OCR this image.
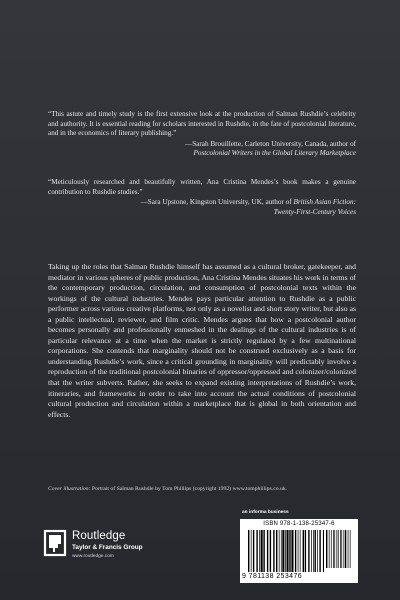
“This astute and timely study is the first extensive look at the production of Salman Rushdie’s celebrity and authority. It is essential reading for scholars interested in Rushdie, in the fate of postcolonial literature, and in the economics of literary publishing.”

—Sarah Brouillette, Carleton University, Canada, author of
Postcolonial Writers in the Global Literary Marketplace

“Meticulously researched and beautifully written, Ana Cristina Mendes’s book makes a genuine contribution to Rushdie studies.”

—Sara Upstone, Kingston University, UK, author of British Asian Fiction:
Twenty-First-Century Voices

Taking up the roles that Salman Rushdie himself has assumed as a cultural broker, gatekeeper, and mediator in various spheres of public production, Ana Cristina Mendes situates his work in terms of the contemporary production, circulation, and consumption of postcolonial texts within the workings of the cultural industries. Mendes pays particular attention to Rushdie as a public performer across various creative platforms, not only as a novelist and short story writer, but also as a public intellectual, reviewer, and film critic. Mendes argues that how a postcolonial author becomes personally and professionally enmeshed in the dealings of the cultural industries is of particular relevance at a time when the market is strictly regulated by a few multinational corporations. She contends that marginality should not be construed exclusively as a basis for understanding Rushdie’s work, since a critical grounding in marginality will predictably involve a reproduction of the traditional postcolonial binaries of oppressor/oppressed and colonizer/colonized that the writer subverts. Rather, she seeks to expand existing interpretations of Rushdie’s work, itineraries, and frameworks in order to take into account the actual conditions of postcolonial cultural production and circulation within a marketplace that is global in both orientation and effects.

Cover illustration: Portrait of Salman Rushdie by Tom Phillips (copyright 1992) www.tomphillips.co.uk.
Routledge
Taylor & Francis Group
www.routledge.com
an informa business
ISBN 978-1-138-25347-6
9 781138 253476
